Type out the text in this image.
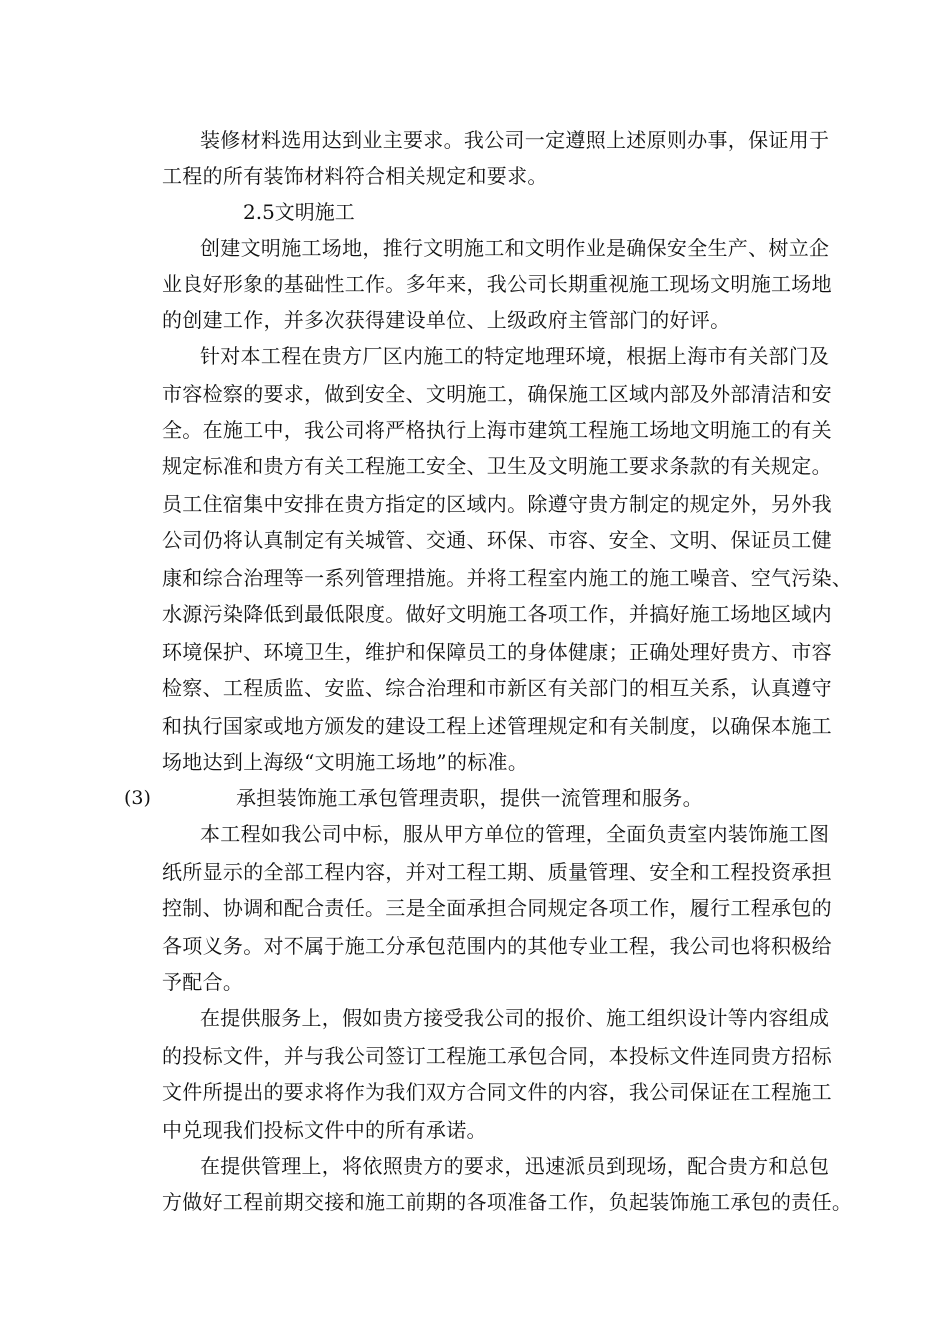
装修材料选用达到业主要求。我公司一定遵照上述原则办事，保证用于
工程的所有装饰材料符合相关规定和要求。
2.5文明施工
创建文明施工场地，推行文明施工和文明作业是确保安全生产、树立企
业良好形象的基础性工作。多年来，我公司长期重视施工现场文明施工场地
的创建工作，并多次获得建设单位、上级政府主管部门的好评。
针对本工程在贵方厂区内施工的特定地理环境，根据上海市有关部门及
市容检察的要求，做到安全、文明施工，确保施工区域内部及外部清洁和安
全。在施工中，我公司将严格执行上海市建筑工程施工场地文明施工的有关
规定标准和贵方有关工程施工安全、卫生及文明施工要求条款的有关规定。
员工住宿集中安排在贵方指定的区域内。除遵守贵方制定的规定外，另外我
公司仍将认真制定有关城管、交通、环保、市容、安全、文明、保证员工健
康和综合治理等一系列管理措施。并将工程室内施工的施工噪音、空气污染、
水源污染降低到最低限度。做好文明施工各项工作，并搞好施工场地区域内
环境保护、环境卫生，维护和保障员工的身体健康；正确处理好贵方、市容
检察、工程质监、安监、综合治理和市新区有关部门的相互关系，认真遵守
和执行国家或地方颁发的建设工程上述管理规定和有关制度，以确保本施工
场地达到上海级“文明施工场地”的标准。
(3)	承担装饰施工承包管理责职，提供一流管理和服务。
本工程如我公司中标，服从甲方单位的管理，全面负责室内装饰施工图
纸所显示的全部工程内容，并对工程工期、质量管理、安全和工程投资承担
控制、协调和配合责任。三是全面承担合同规定各项工作，履行工程承包的
各项义务。对不属于施工分承包范围内的其他专业工程，我公司也将积极给
予配合。
在提供服务上，假如贵方接受我公司的报价、施工组织设计等内容组成
的投标文件，并与我公司签订工程施工承包合同，本投标文件连同贵方招标
文件所提出的要求将作为我们双方合同文件的内容，我公司保证在工程施工
中兑现我们投标文件中的所有承诺。
在提供管理上，将依照贵方的要求，迅速派员到现场，配合贵方和总包
方做好工程前期交接和施工前期的各项准备工作，负起装饰施工承包的责任。
